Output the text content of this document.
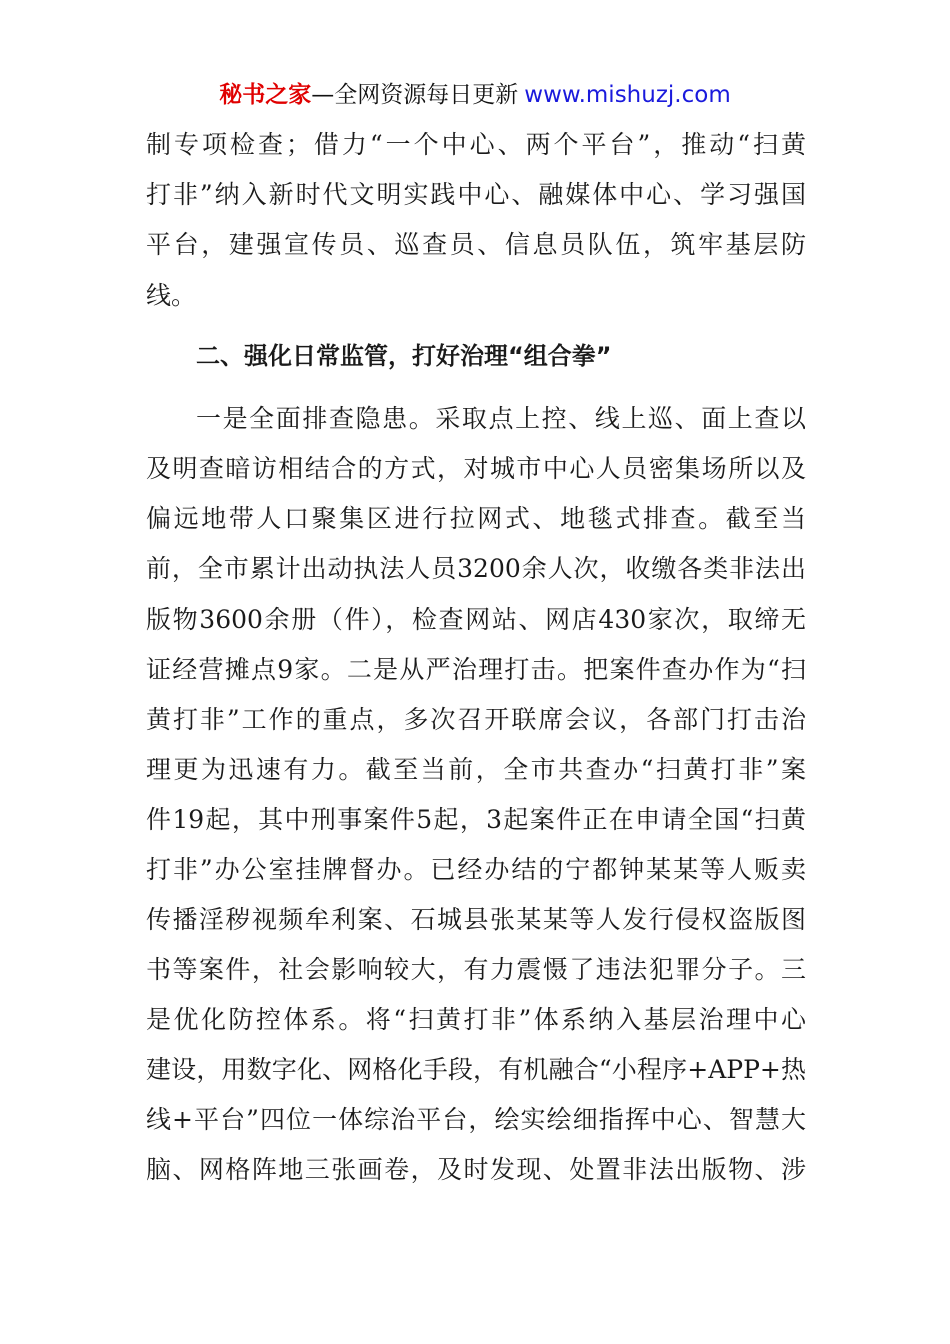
秘书之家—全网资源每日更新 www.mishuzj.com
制专项检查；借力“一个中心、两个平台”，推动“扫黄
打非”纳入新时代文明实践中心、融媒体中心、学习强国
平台，建强宣传员、巡查员、信息员队伍，筑牢基层防
线。
二、强化日常监管，打好治理“组合拳”
一是全面排查隐患。采取点上控、线上巡、面上查以
及明查暗访相结合的方式，对城市中心人员密集场所以及
偏远地带人口聚集区进行拉网式、地毯式排查。截至当
前，全市累计出动执法人员3200余人次，收缴各类非法出
版物3600余册（件），检查网站、网店430家次，取缔无
证经营摊点9家。二是从严治理打击。把案件查办作为“扫
黄打非”工作的重点，多次召开联席会议，各部门打击治
理更为迅速有力。截至当前，全市共查办“扫黄打非”案
件19起，其中刑事案件5起，3起案件正在申请全国“扫黄
打非”办公室挂牌督办。已经办结的宁都钟某某等人贩卖
传播淫秽视频牟利案、石城县张某某等人发行侵权盗版图
书等案件，社会影响较大，有力震慑了违法犯罪分子。三
是优化防控体系。将“扫黄打非”体系纳入基层治理中心
建设，用数字化、网格化手段，有机融合“小程序+APP+热
线+平台”四位一体综治平台，绘实绘细指挥中心、智慧大
脑、网格阵地三张画卷，及时发现、处置非法出版物、涉
